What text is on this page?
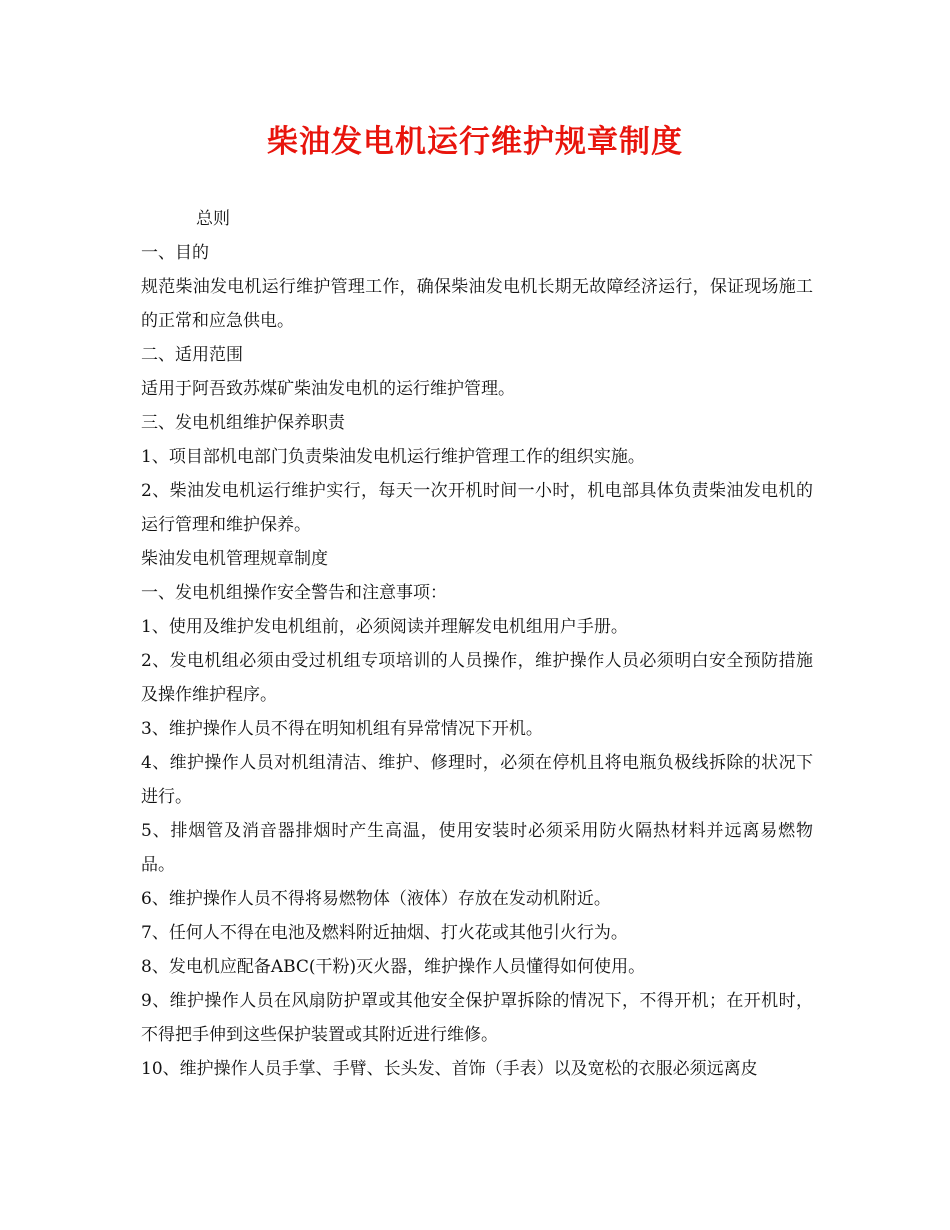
柴油发电机运行维护规章制度

总则

一、目的

规范柴油发电机运行维护管理工作，确保柴油发电机长期无故障经济运行，保证现场施工的正常和应急供电。

二、适用范围

适用于阿吾致苏煤矿柴油发电机的运行维护管理。

三、发电机组维护保养职责

1、项目部机电部门负责柴油发电机运行维护管理工作的组织实施。

2、柴油发电机运行维护实行，每天一次开机时间一小时，机电部具体负责柴油发电机的运行管理和维护保养。

柴油发电机管理规章制度

一、发电机组操作安全警告和注意事项：

1、使用及维护发电机组前，必须阅读并理解发电机组用户手册。

2、发电机组必须由受过机组专项培训的人员操作，维护操作人员必须明白安全预防措施及操作维护程序。

3、维护操作人员不得在明知机组有异常情况下开机。

4、维护操作人员对机组清洁、维护、修理时，必须在停机且将电瓶负极线拆除的状况下进行。

5、排烟管及消音器排烟时产生高温，使用安装时必须采用防火隔热材料并远离易燃物品。

6、维护操作人员不得将易燃物体（液体）存放在发动机附近。

7、任何人不得在电池及燃料附近抽烟、打火花或其他引火行为。

8、发电机应配备ABC(干粉)灭火器，维护操作人员懂得如何使用。

9、维护操作人员在风扇防护罩或其他安全保护罩拆除的情况下，不得开机；在开机时，不得把手伸到这些保护装置或其附近进行维修。

10、维护操作人员手掌、手臂、长头发、首饰（手表）以及宽松的衣服必须远离皮
